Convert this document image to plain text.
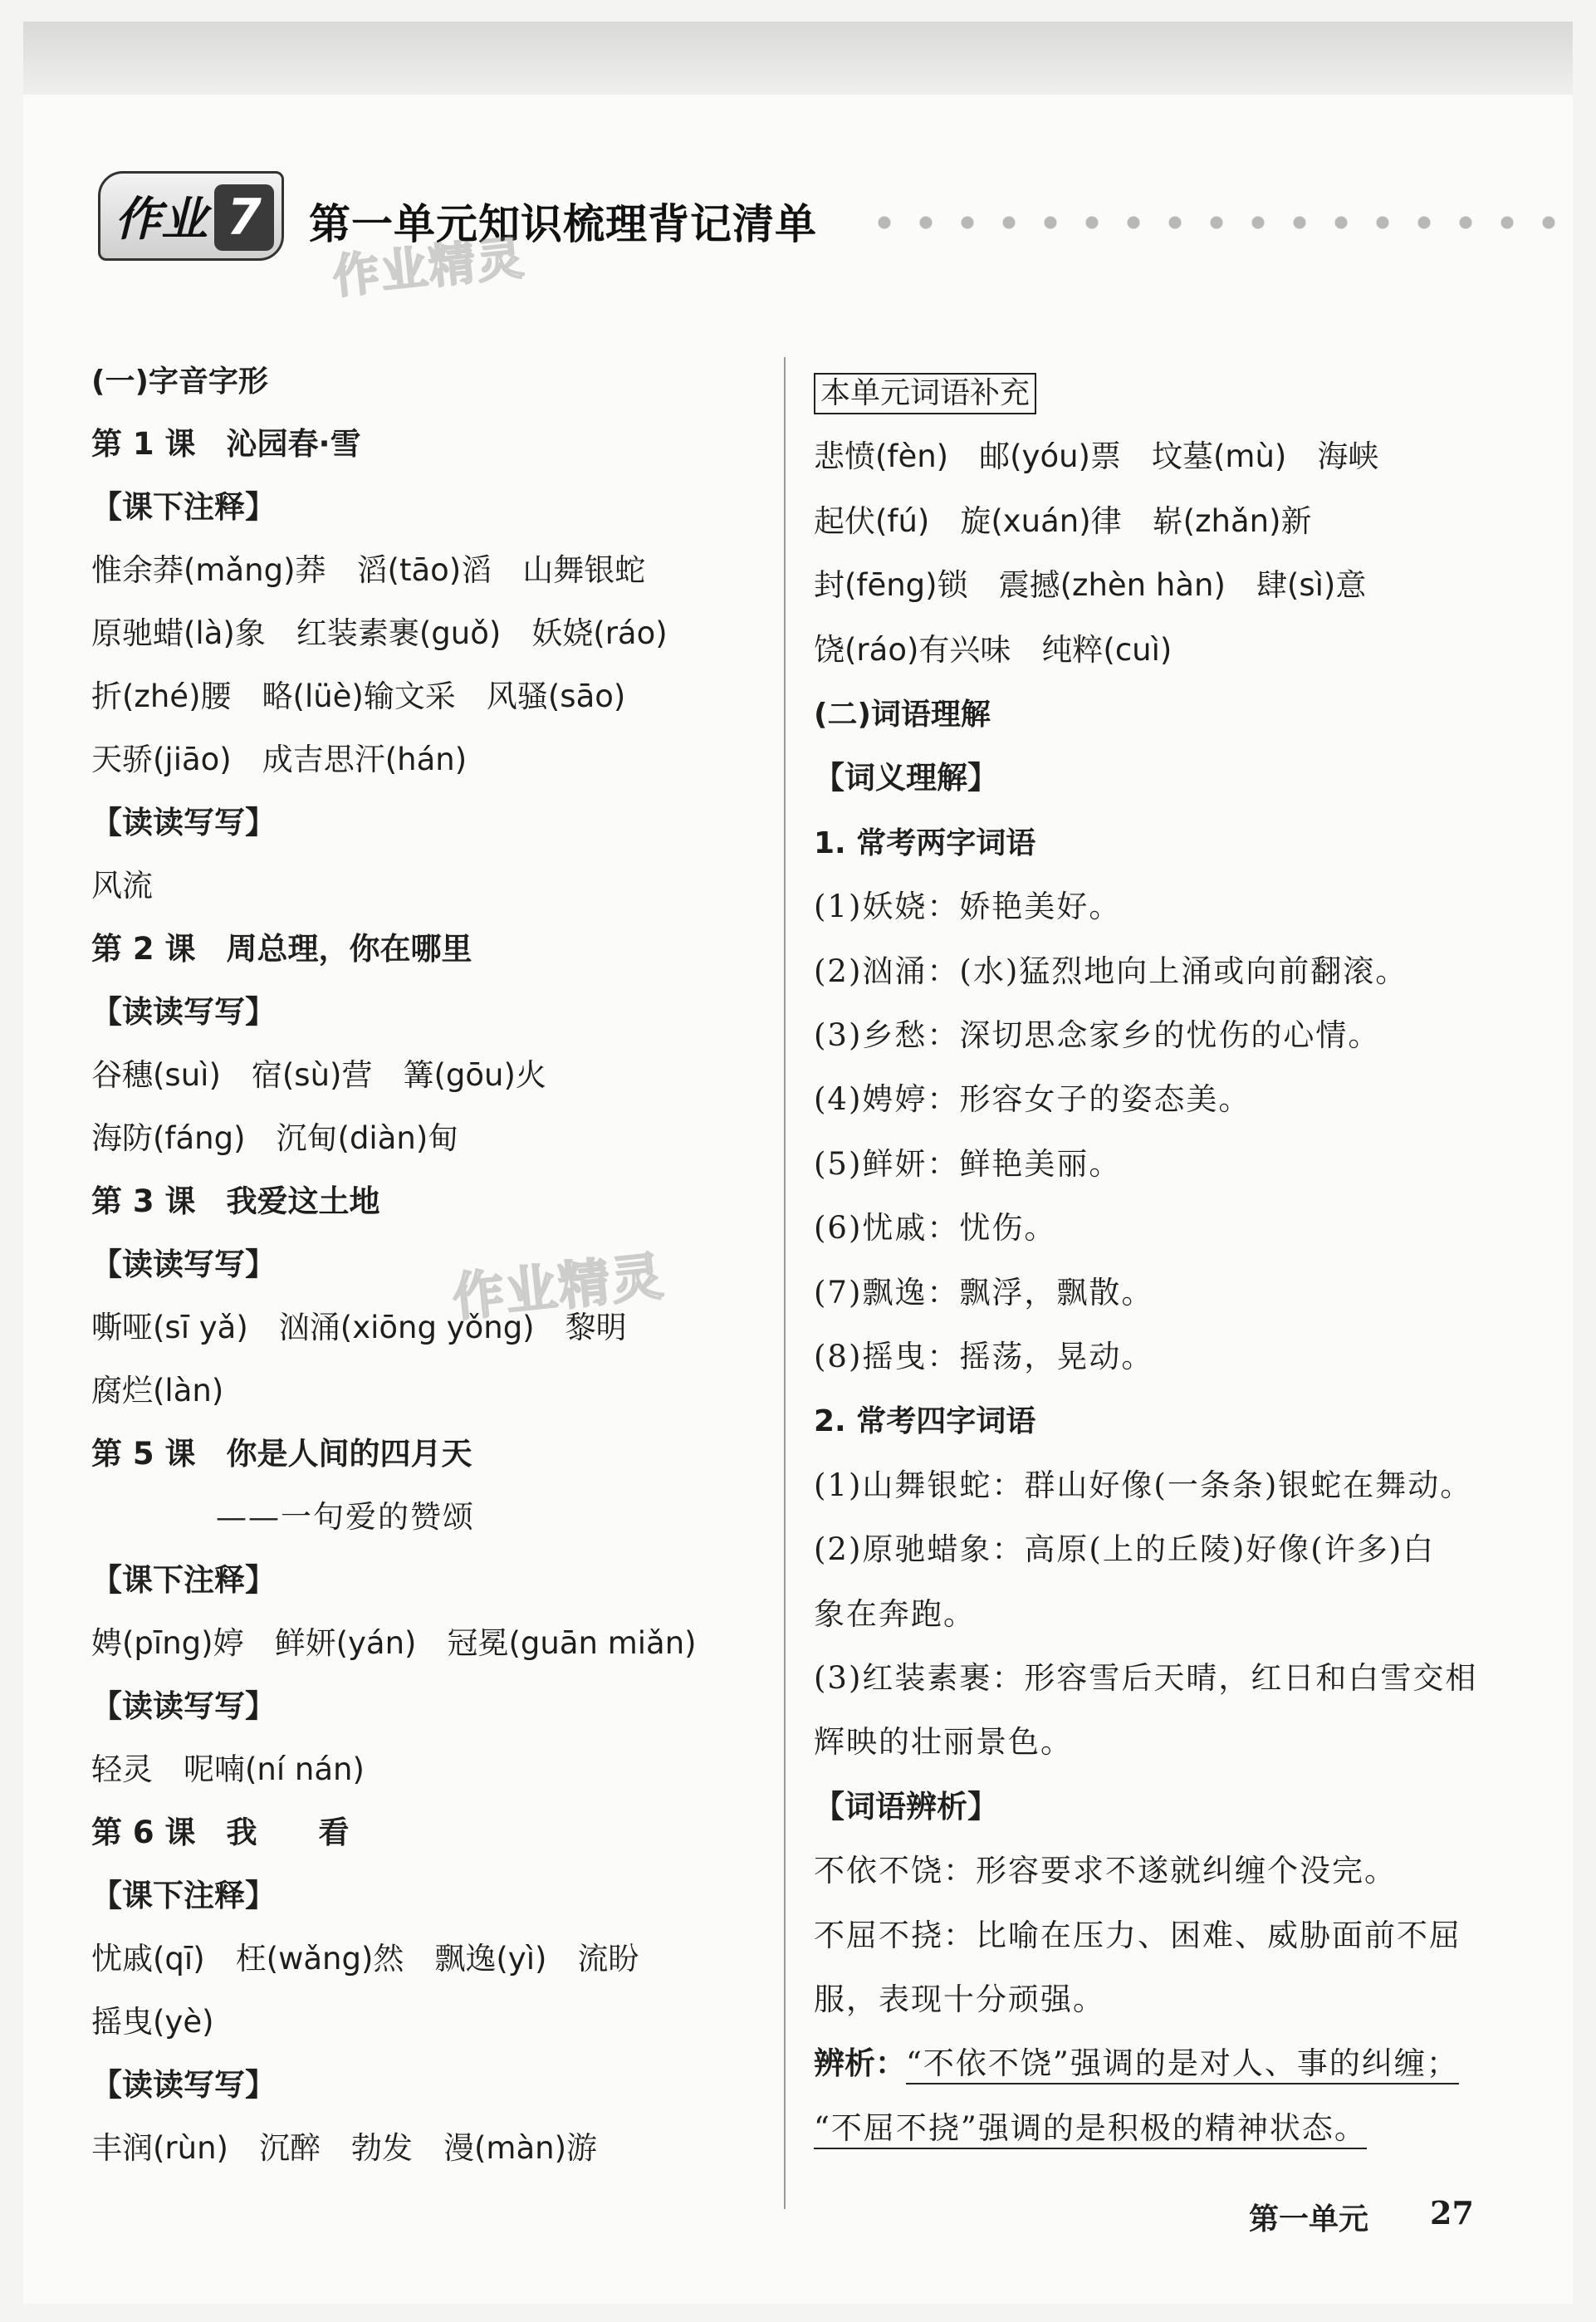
作业 7	第一单元知识梳理背记清单
作业精灵
作业精灵
(一)字音字形
第 1 课　沁园春·雪
【课下注释】
惟余莽(mǎng)莽　滔(tāo)滔　山舞银蛇
原驰蜡(là)象　红装素裹(guǒ)　妖娆(ráo)
折(zhé)腰　略(lüè)输文采　风骚(sāo)
天骄(jiāo)　成吉思汗(hán)
【读读写写】
风流
第 2 课　周总理，你在哪里
【读读写写】
谷穗(suì)　宿(sù)营　篝(gōu)火
海防(fáng)　沉甸(diàn)甸
第 3 课　我爱这土地
【读读写写】
嘶哑(sī yǎ)　汹涌(xiōng yǒng)　黎明
腐烂(làn)
第 5 课　你是人间的四月天
——一句爱的赞颂
【课下注释】
娉(pīng)婷　鲜妍(yán)　冠冕(guān miǎn)
【读读写写】
轻灵　呢喃(ní nán)
第 6 课　我　　看
【课下注释】
忧戚(qī)　枉(wǎng)然　飘逸(yì)　流盼
摇曳(yè)
【读读写写】
丰润(rùn)　沉醉　勃发　漫(màn)游
本单元词语补充
悲愤(fèn)　邮(yóu)票　坟墓(mù)　海峡
起伏(fú)　旋(xuán)律　崭(zhǎn)新
封(fēng)锁　震撼(zhèn hàn)　肆(sì)意
饶(ráo)有兴味　纯粹(cuì)
(二)词语理解
【词义理解】
1. 常考两字词语
(1)妖娆：娇艳美好。
(2)汹涌：(水)猛烈地向上涌或向前翻滚。
(3)乡愁：深切思念家乡的忧伤的心情。
(4)娉婷：形容女子的姿态美。
(5)鲜妍：鲜艳美丽。
(6)忧戚：忧伤。
(7)飘逸：飘浮，飘散。
(8)摇曳：摇荡，晃动。
2. 常考四字词语
(1)山舞银蛇：群山好像(一条条)银蛇在舞动。
(2)原驰蜡象：高原(上的丘陵)好像(许多)白
象在奔跑。
(3)红装素裹：形容雪后天晴，红日和白雪交相
辉映的壮丽景色。
【词语辨析】
不依不饶：形容要求不遂就纠缠个没完。
不屈不挠：比喻在压力、困难、威胁面前不屈
服，表现十分顽强。
辨析：“不依不饶”强调的是对人、事的纠缠；
“不屈不挠”强调的是积极的精神状态。
第一单元 27
